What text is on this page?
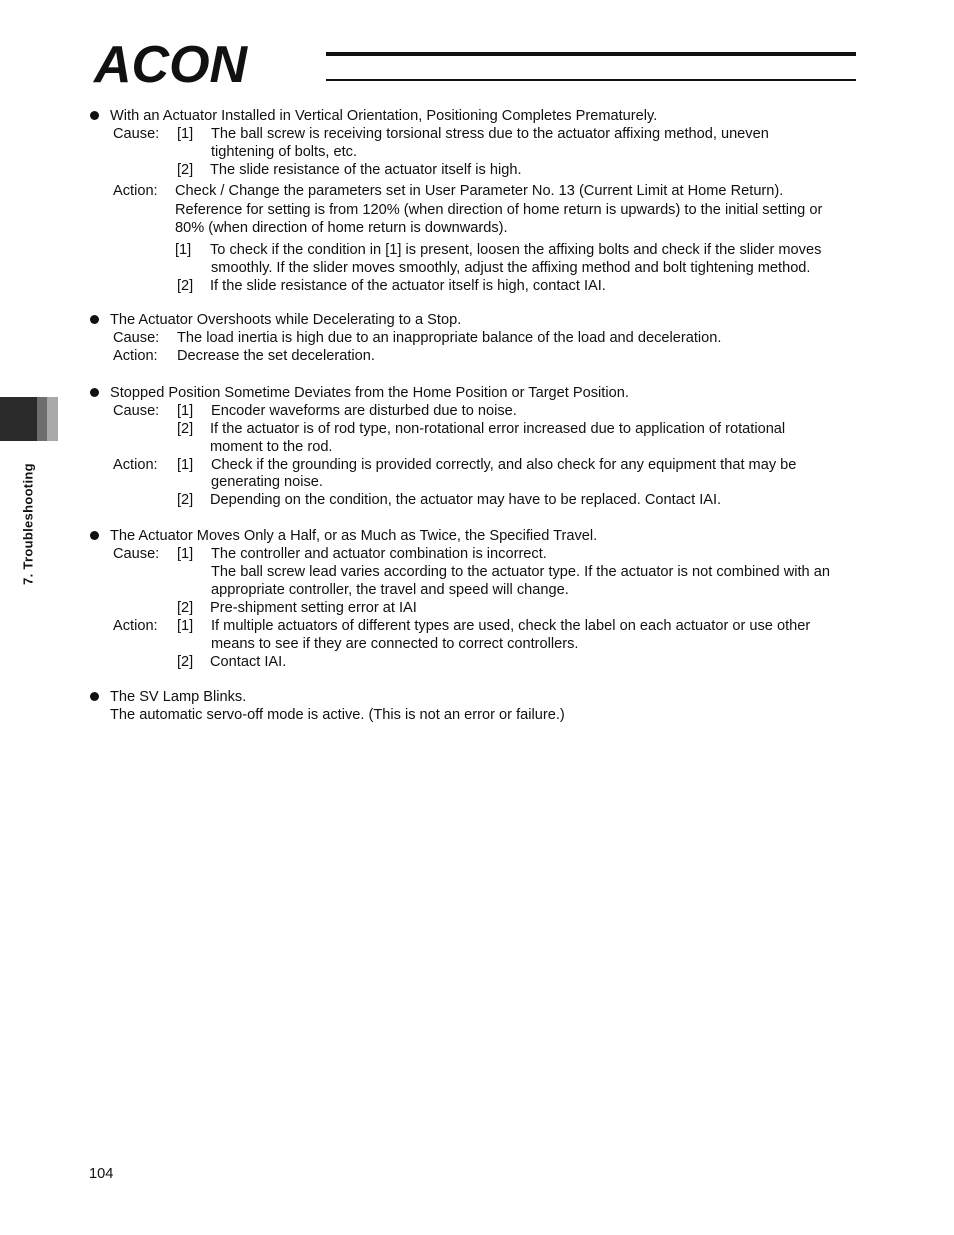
ACON
7. Troubleshooting
With an Actuator Installed in Vertical Orientation, Positioning Completes Prematurely.
Cause: [1] The ball screw is receiving torsional stress due to the actuator affixing method, uneven
tightening of bolts, etc.
[2] The slide resistance of the actuator itself is high.
Action: Check / Change the parameters set in User Parameter No. 13 (Current Limit at Home Return).
Reference for setting is from 120% (when direction of home return is upwards) to the initial setting or
80% (when direction of home return is downwards).
[1] To check if the condition in [1] is present, loosen the affixing bolts and check if the slider moves
smoothly. If the slider moves smoothly, adjust the affixing method and bolt tightening method.
[2] If the slide resistance of the actuator itself is high, contact IAI.
The Actuator Overshoots while Decelerating to a Stop.
Cause: The load inertia is high due to an inappropriate balance of the load and deceleration.
Action: Decrease the set deceleration.
Stopped Position Sometime Deviates from the Home Position or Target Position.
Cause: [1] Encoder waveforms are disturbed due to noise.
[2] If the actuator is of rod type, non-rotational error increased due to application of rotational
moment to the rod.
Action: [1] Check if the grounding is provided correctly, and also check for any equipment that may be
generating noise.
[2] Depending on the condition, the actuator may have to be replaced. Contact IAI.
The Actuator Moves Only a Half, or as Much as Twice, the Specified Travel.
Cause: [1] The controller and actuator combination is incorrect.
The ball screw lead varies according to the actuator type. If the actuator is not combined with an
appropriate controller, the travel and speed will change.
[2] Pre-shipment setting error at IAI
Action: [1] If multiple actuators of different types are used, check the label on each actuator or use other
means to see if they are connected to correct controllers.
[2] Contact IAI.
The SV Lamp Blinks.
The automatic servo-off mode is active. (This is not an error or failure.)
104
